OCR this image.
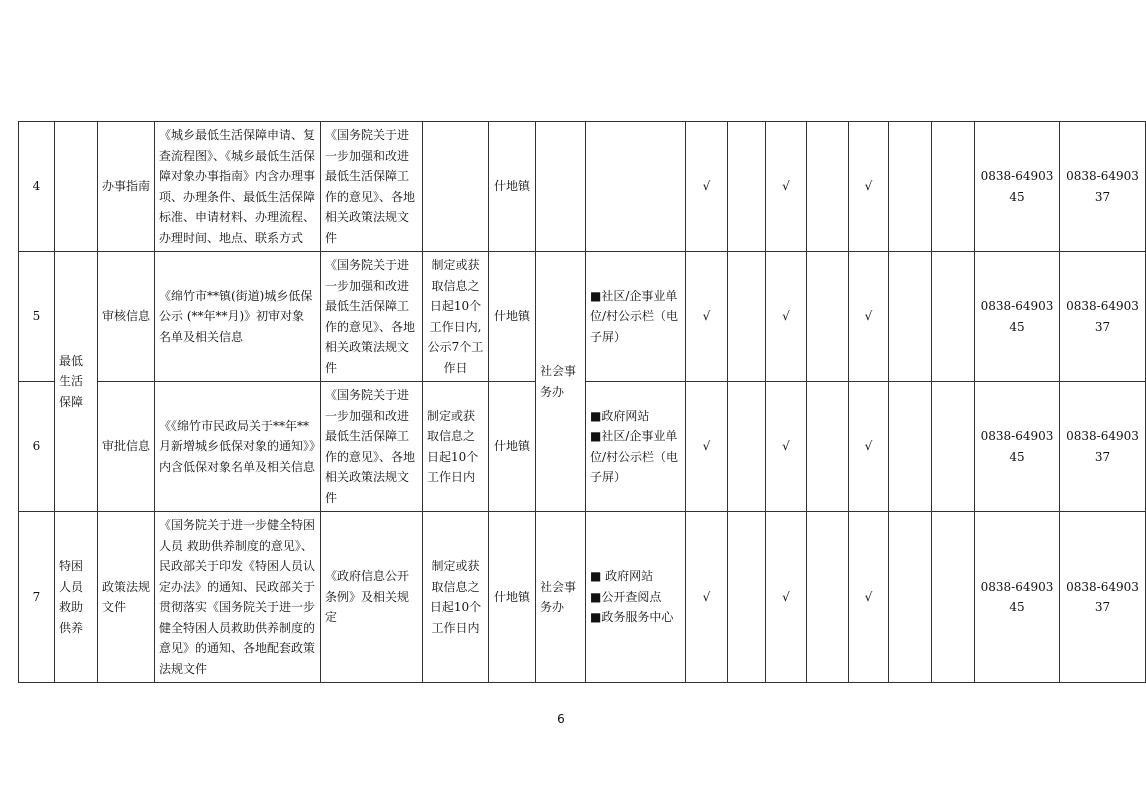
4		办事指南	《城乡最低生活保障申请、复查流程图》、《城乡最低生活保障对象办事指南》内含办理事项、办理条件、最低生活保障标准、申请材料、办理流程、办理时间、地点、联系方式	《国务院关于进一步加强和改进最低生活保障工作的意见》、各地相关政策法规文件		什地镇			√		√		√			0838-6490345	0838-6490337
5	最低生活保障	审核信息	《绵竹市**镇(街道)城乡低保公示 (**年**月)》初审对象名单及相关信息	《国务院关于进一步加强和改进最低生活保障工作的意见》、各地相关政策法规文件	制定或获取信息之日起10个工作日内,公示7个工作日	什地镇	社会事务办	■社区/企事业单位/村公示栏（电子屏）	√		√		√			0838-6490345	0838-6490337
6		审批信息	《《绵竹市民政局关于**年**月新增城乡低保对象的通知》》内含低保对象名单及相关信息	《国务院关于进一步加强和改进最低生活保障工作的意见》、各地相关政策法规文件	制定或获取信息之日起10个工作日内	什地镇		■政府网站
■社区/企事业单位/村公示栏（电子屏）	√		√		√			0838-6490345	0838-6490337
7	特困人员救助供养	政策法规文件	《国务院关于进一步健全特困人员 救助供养制度的意见》、民政部关于印发《特困人员认定办法》的通知、民政部关于贯彻落实《国务院关于进一步健全特困人员救助供养制度的 意见》的通知、各地配套政策法规文件	《政府信息公开条例》及相关规定	制定或获取信息之日起10个工作日内	什地镇	社会事务办	■ 政府网站
■公开查阅点
■政务服务中心	√		√		√			0838-6490345	0838-6490337
6
